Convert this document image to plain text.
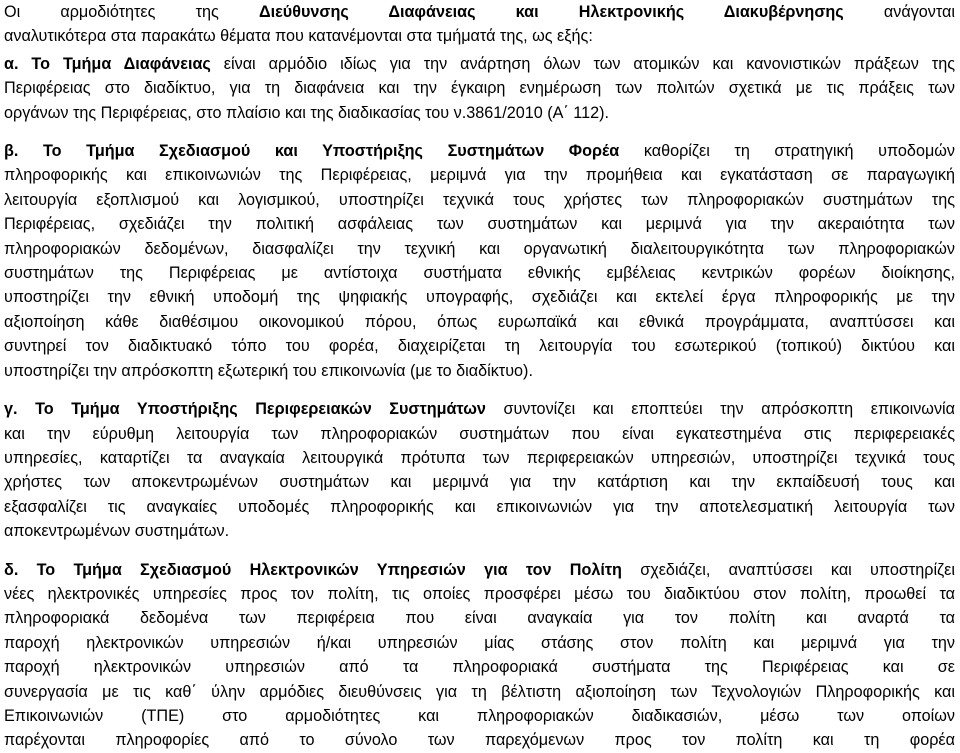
Οι αρμοδιότητες της Διεύθυνσης Διαφάνειας και Ηλεκτρονικής Διακυβέρνησης ανάγονται
αναλυτικότερα στα παρακάτω θέματα που κατανέμονται στα τμήματά της, ως εξής:
α. Το Τμήμα Διαφάνειας είναι αρμόδιο ιδίως για την ανάρτηση όλων των ατομικών και κανονιστικών πράξεων της
Περιφέρειας στο διαδίκτυο, για τη διαφάνεια και την έγκαιρη ενημέρωση των πολιτών σχετικά με τις πράξεις των
οργάνων της Περιφέρειας, στο πλαίσιο και της διαδικασίας του ν.3861/2010 (Α΄ 112).
β. Το Τμήμα Σχεδιασμού και Υποστήριξης Συστημάτων Φορέα καθορίζει τη στρατηγική υποδομών
πληροφορικής και επικοινωνιών της Περιφέρειας, μεριμνά για την προμήθεια και εγκατάσταση σε παραγωγική
λειτουργία εξοπλισμού και λογισμικού, υποστηρίζει τεχνικά τους χρήστες των πληροφοριακών συστημάτων της
Περιφέρειας, σχεδιάζει την πολιτική ασφάλειας των συστημάτων και μεριμνά για την ακεραιότητα των
πληροφοριακών δεδομένων, διασφαλίζει την τεχνική και οργανωτική διαλειτουργικότητα των πληροφοριακών
συστημάτων της Περιφέρειας με αντίστοιχα συστήματα εθνικής εμβέλειας κεντρικών φορέων διοίκησης,
υποστηρίζει την εθνική υποδομή της ψηφιακής υπογραφής, σχεδιάζει και εκτελεί έργα πληροφορικής με την
αξιοποίηση κάθε διαθέσιμου οικονομικού πόρου, όπως ευρωπαϊκά και εθνικά προγράμματα, αναπτύσσει και
συντηρεί τον διαδικτυακό τόπο του φορέα, διαχειρίζεται τη λειτουργία του εσωτερικού (τοπικού) δικτύου και
υποστηρίζει την απρόσκοπτη εξωτερική του επικοινωνία (με το διαδίκτυο).
γ. Το Τμήμα Υποστήριξης Περιφερειακών Συστημάτων συντονίζει και εποπτεύει την απρόσκοπτη επικοινωνία
και την εύρυθμη λειτουργία των πληροφοριακών συστημάτων που είναι εγκατεστημένα στις περιφερειακές
υπηρεσίες, καταρτίζει τα αναγκαία λειτουργικά πρότυπα των περιφερειακών υπηρεσιών, υποστηρίζει τεχνικά τους
χρήστες των αποκεντρωμένων συστημάτων και μεριμνά για την κατάρτιση και την εκπαίδευσή τους και
εξασφαλίζει τις αναγκαίες υποδομές πληροφορικής και επικοινωνιών για την αποτελεσματική λειτουργία των
αποκεντρωμένων συστημάτων.
δ. Το Τμήμα Σχεδιασμού Ηλεκτρονικών Υπηρεσιών για τον Πολίτη σχεδιάζει, αναπτύσσει και υποστηρίζει
νέες ηλεκτρονικές υπηρεσίες προς τον πολίτη, τις οποίες προσφέρει μέσω του διαδικτύου στον πολίτη, προωθεί τα
πληροφοριακά δεδομένα των περιφέρεια που είναι αναγκαία για τον πολίτη και αναρτά τα
παροχή ηλεκτρονικών υπηρεσιών ή/και υπηρεσιών μίας στάσης στον πολίτη και μεριμνά για την
παροχή ηλεκτρονικών υπηρεσιών από τα πληροφοριακά συστήματα της Περιφέρειας και σε
συνεργασία με τις καθ΄ ύλην αρμόδιες διευθύνσεις για τη βέλτιστη αξιοποίηση των Τεχνολογιών Πληροφορικής και
Επικοινωνιών (ΤΠΕ) στο αρμοδιότητες και πληροφοριακών διαδικασιών, μέσω των οποίων
παρέχονται πληροφορίες από το σύνολο των παρεχόμενων προς τον πολίτη και τη φορέα
